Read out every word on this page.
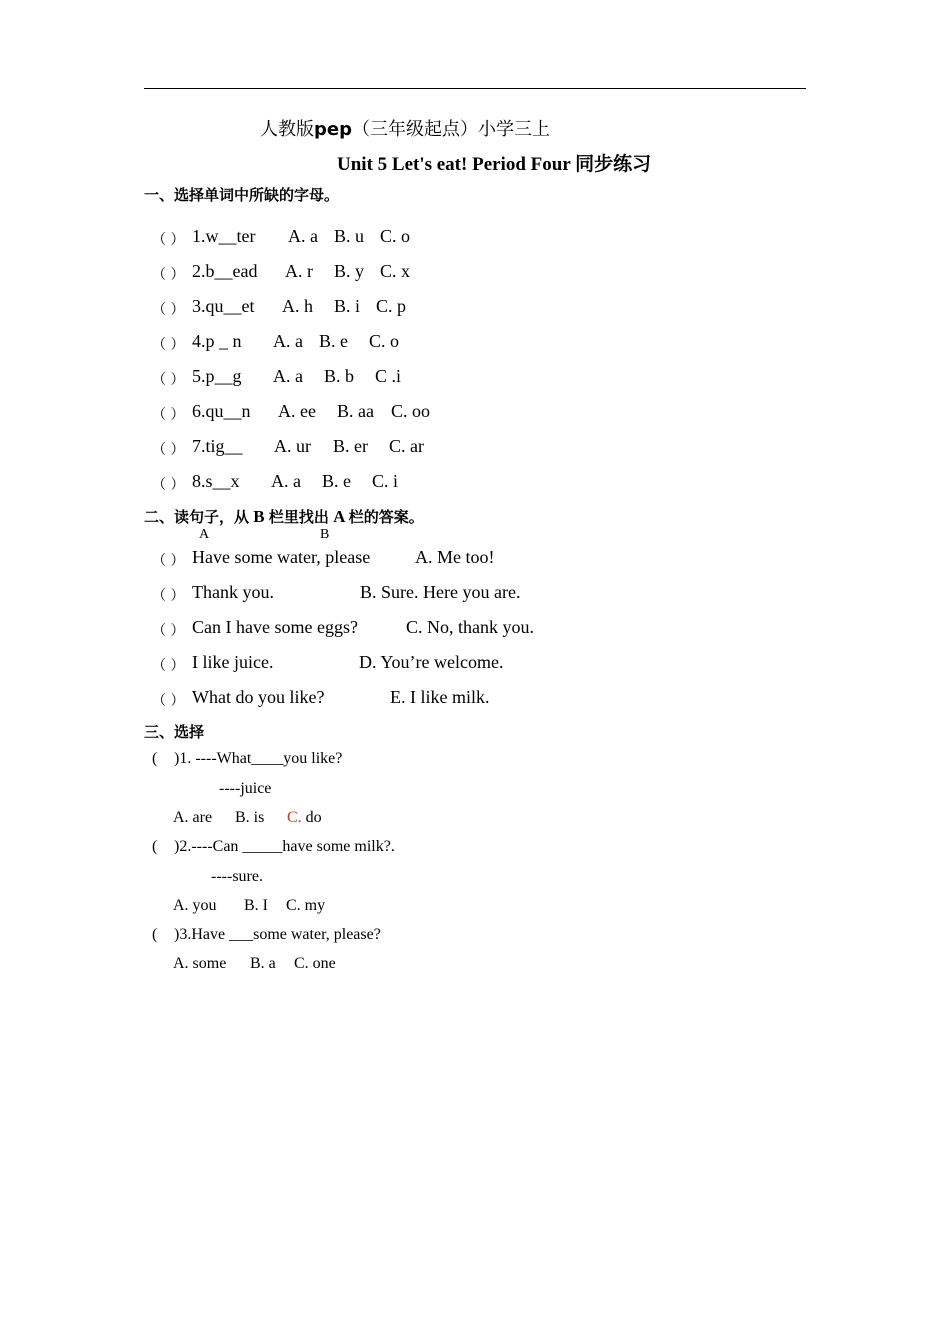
人教版pep（三年级起点）小学三上
Unit 5 Let's eat! Period Four 同步练习
一、选择单词中所缺的字母。
（ ） 1.w__ter A. a B. u C. o
（ ） 2.b__ead A. r B. y C. x
（ ） 3.qu__et A. h B. i C. p
（ ） 4.p _ n A. a B. e C. o
（ ） 5.p__g A. a B. b C .i
（ ） 6.qu__n A. ee B. aa C. oo
（ ） 7.tig__ A. ur B. er C. ar
（ ） 8.s__x A. a B. e C. i
二、读句子，从 B 栏里找出 A 栏的答案。
A	B
（ ） Have some water, please A. Me too!
（ ） Thank you.	B. Sure. Here you are.
（ ） Can I have some eggs?	C. No, thank you.
（ ） I like juice.	D. You’re welcome.
（ ） What do you like?	E. I like milk.
三、选择
( )1. ----What____you like?
----juice
A. are B. is C. do
( )2.----Can _____have some milk?.
----sure.
A. you B. I C. my
( )3.Have ___some water, please?
A. some B. a C. one
